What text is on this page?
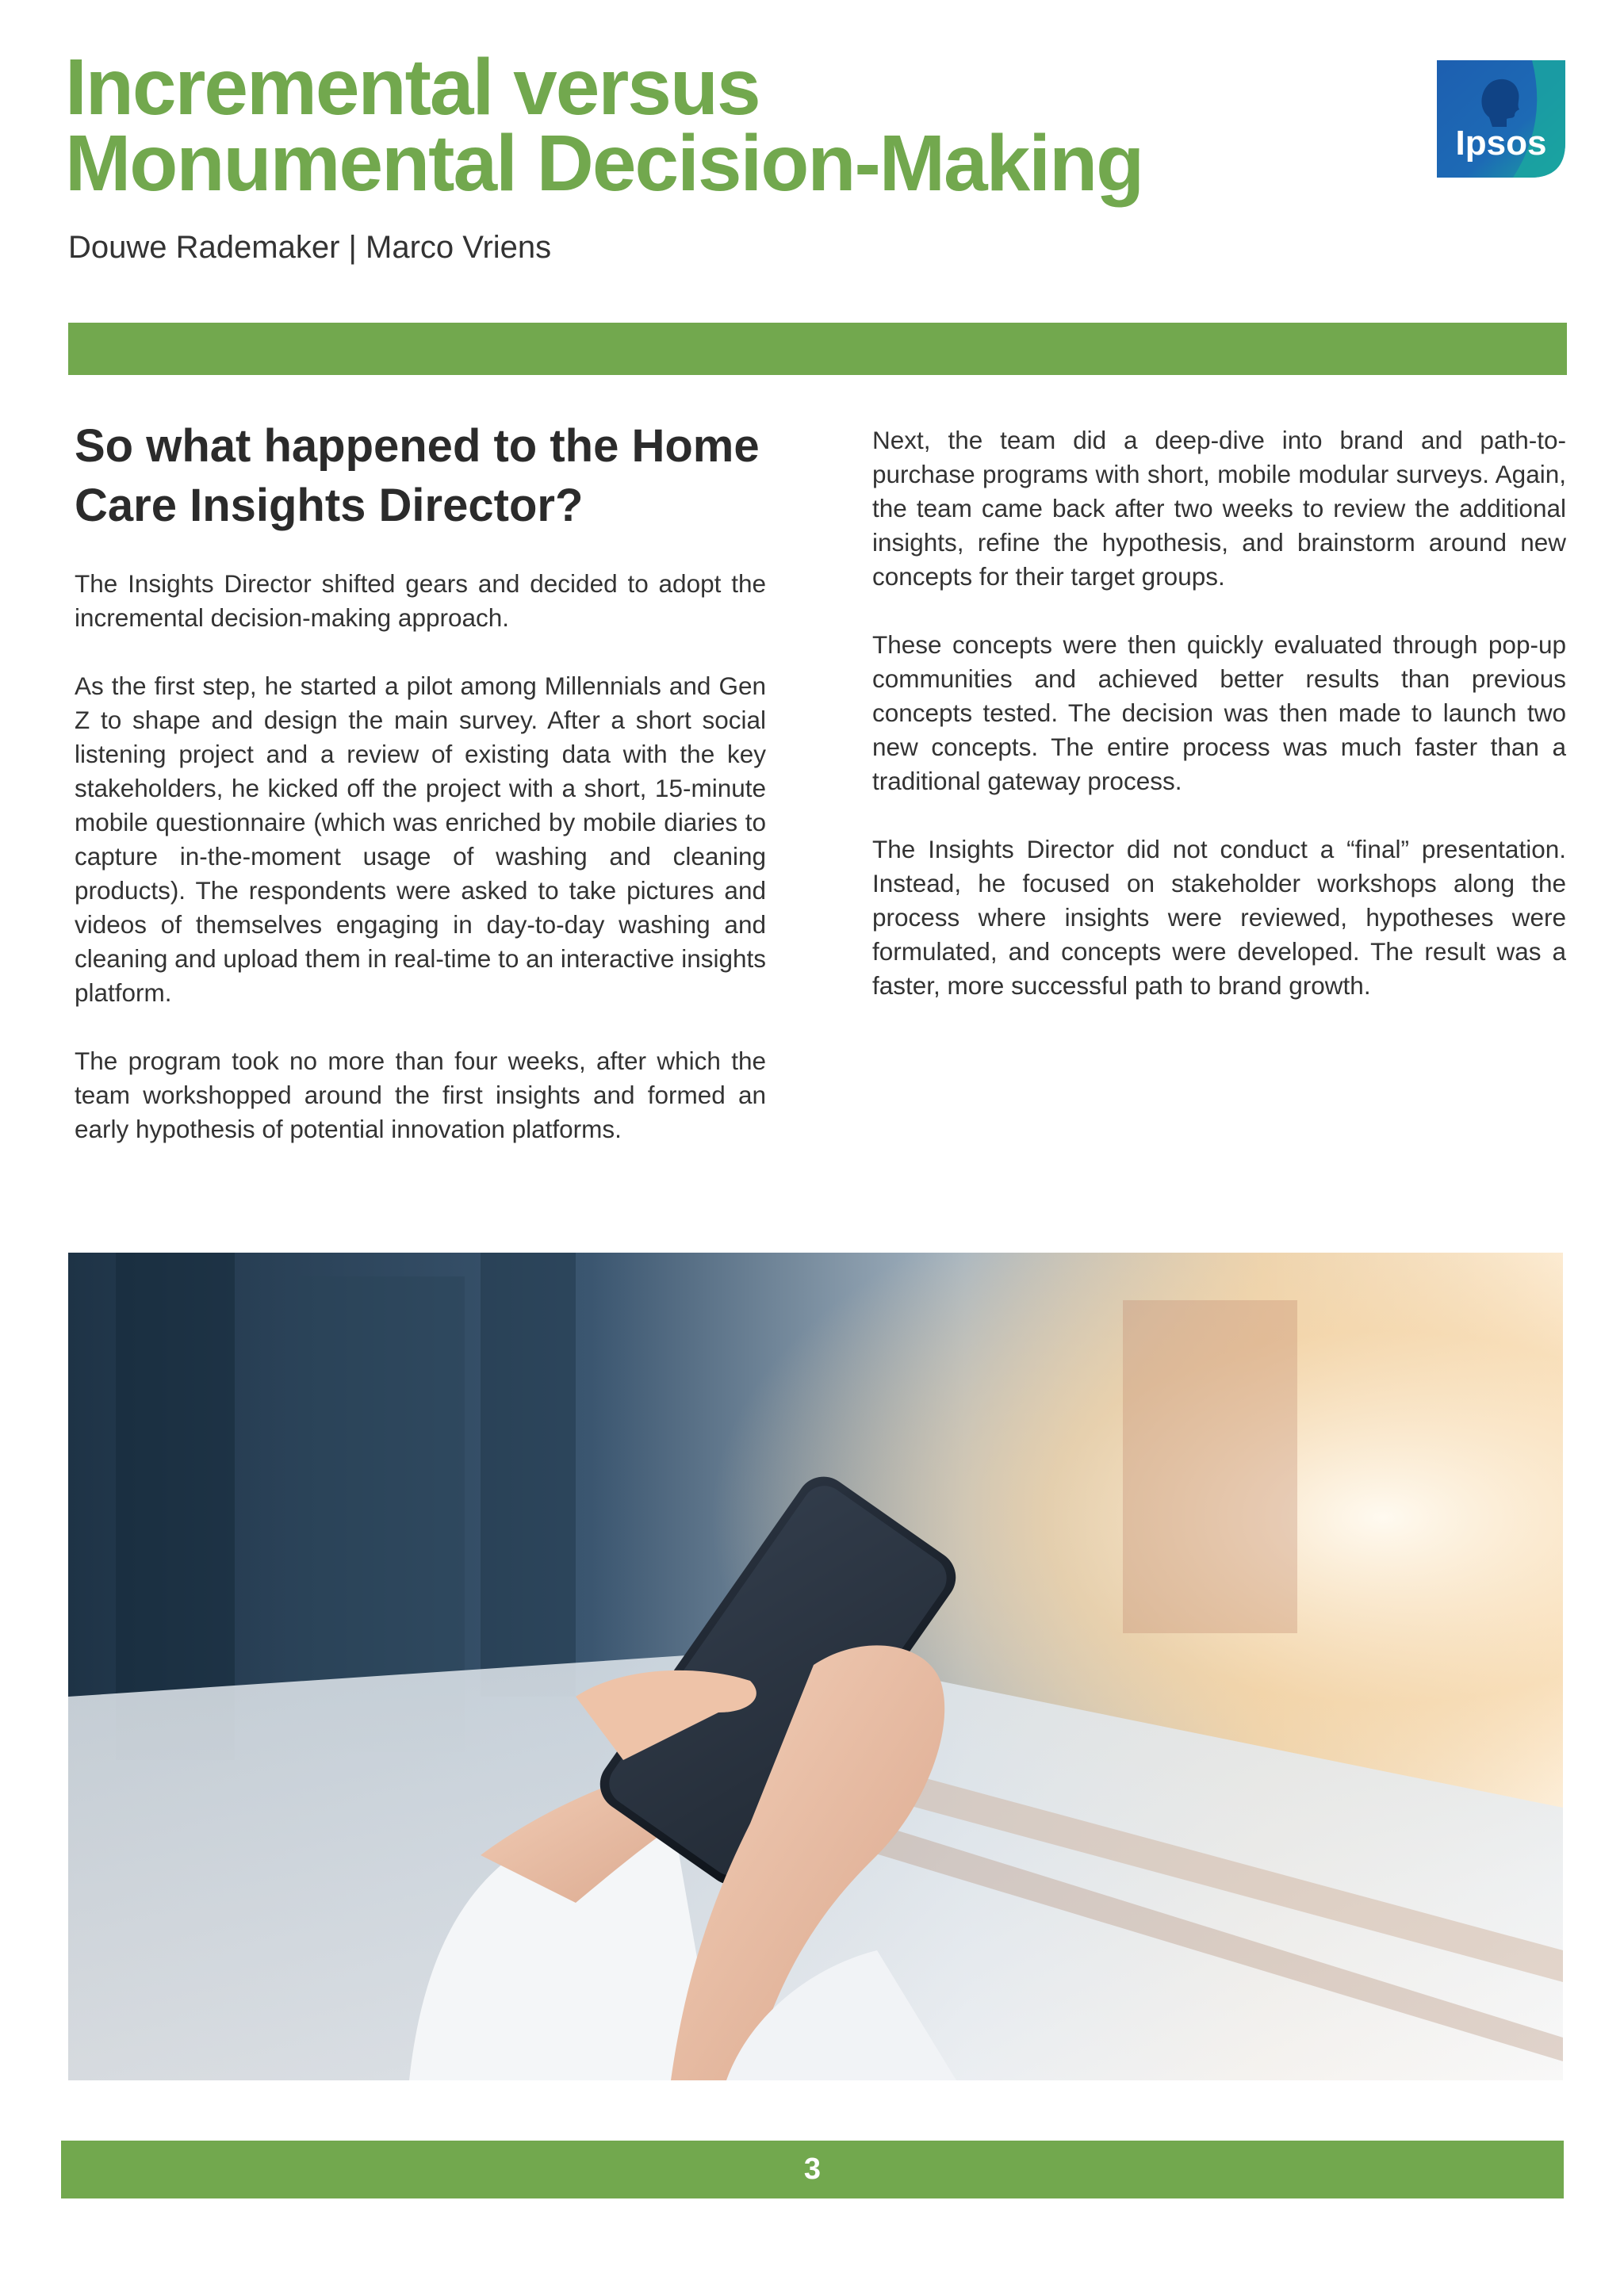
Incremental versus
Monumental Decision-Making

Douwe Rademaker | Marco Vriens

Ipsos
So what happened to the Home Care Insights Director?

The Insights Director shifted gears and decided to adopt the incremental decision-making approach.

As the first step, he started a pilot among Millennials and Gen Z to shape and design the main survey. After a short social listening project and a review of existing data with the key stakeholders, he kicked off the project with a short, 15-minute mobile questionnaire (which was enriched by mobile diaries to capture in-the-moment usage of washing and cleaning products). The respondents were asked to take pictures and videos of themselves engaging in day-to-day washing and cleaning and upload them in real-time to an interactive insights platform.

The program took no more than four weeks, after which the team workshopped around the first insights and formed an early hypothesis of potential innovation platforms.

Next, the team did a deep-dive into brand and path-to-purchase programs with short, mobile modular surveys. Again, the team came back after two weeks to review the additional insights, refine the hypothesis, and brainstorm around new concepts for their target groups.

These concepts were then quickly evaluated through pop-up communities and achieved better results than previous concepts tested. The decision was then made to launch two new concepts. The entire process was much faster than a traditional gateway process.

The Insights Director did not conduct a “final” presentation. Instead, he focused on stakeholder workshops along the process where insights were reviewed, hypotheses were formulated, and concepts were developed. The result was a faster, more successful path to brand growth.

3
